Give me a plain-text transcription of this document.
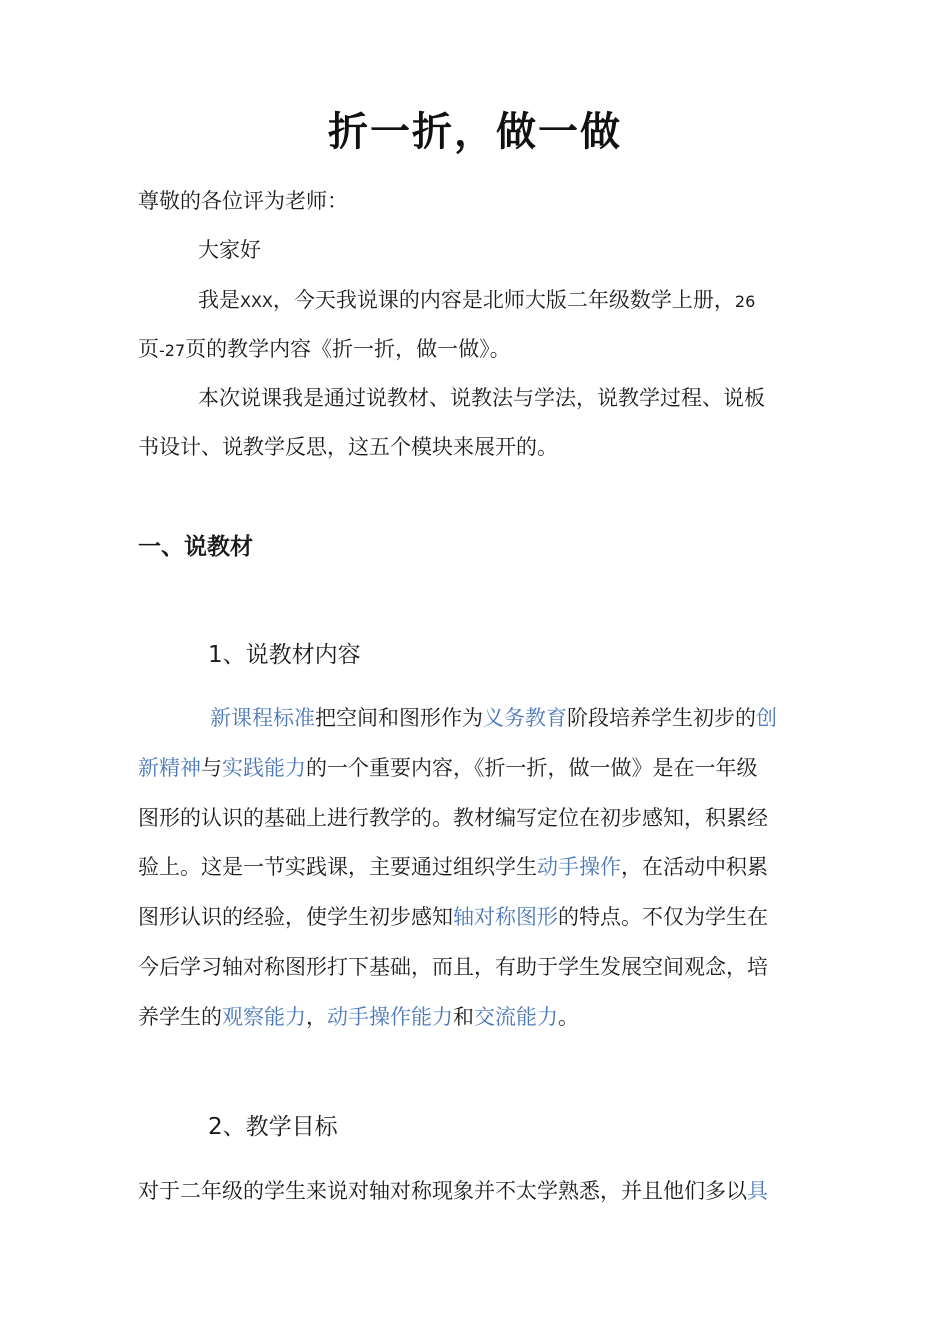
折一折，做一做
尊敬的各位评为老师：
大家好
我是XXX，今天我说课的内容是北师大版二年级数学上册，26
页-27页的教学内容《折一折，做一做》。
本次说课我是通过说教材、说教法与学法，说教学过程、说板
书设计、说教学反思，这五个模块来展开的。
一、说教材
1、说教材内容
新课程标准把空间和图形作为义务教育阶段培养学生初步的创
新精神与实践能力的一个重要内容，《折一折，做一做》是在一年级
图形的认识的基础上进行教学的。教材编写定位在初步感知，积累经
验上。这是一节实践课，主要通过组织学生动手操作，在活动中积累
图形认识的经验，使学生初步感知轴对称图形的特点。不仅为学生在
今后学习轴对称图形打下基础，而且，有助于学生发展空间观念，培
养学生的观察能力，动手操作能力和交流能力。
2、教学目标
对于二年级的学生来说对轴对称现象并不太学熟悉，并且他们多以具
